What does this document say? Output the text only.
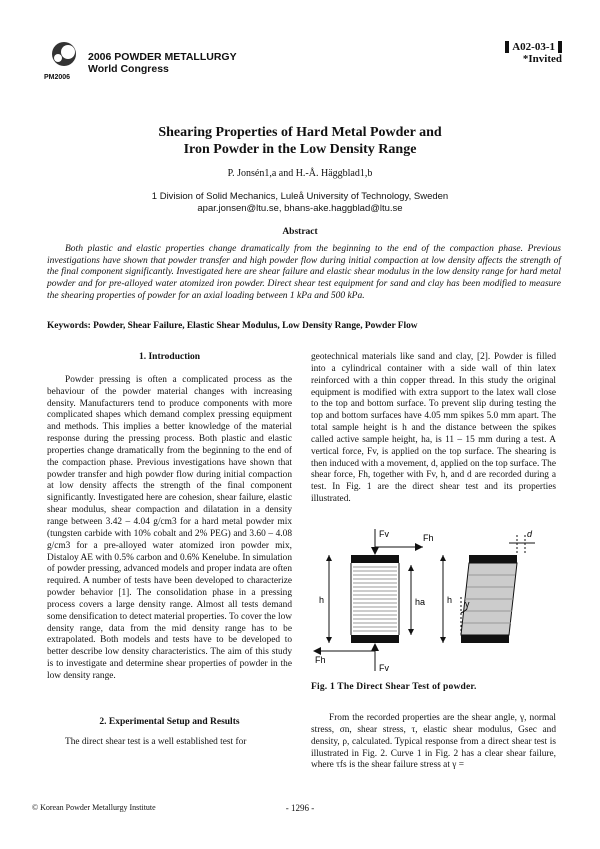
PM2006
2006 POWDER METALLURGY
World Congress
A02-03-1
*Invited
Shearing Properties of Hard Metal Powder and
Iron Powder in the Low Density Range
P. Jonsén1,a and H.-Å. Häggblad1,b
1 Division of Solid Mechanics, Luleå University of Technology, Sweden
apar.jonsen@ltu.se, bhans-ake.haggblad@ltu.se
Abstract
Both plastic and elastic properties change dramatically from the beginning to the end of the compaction phase. Previous investigations have shown that powder transfer and high powder flow during initial compaction at low density affects the strength of the final component significantly. Investigated here are shear failure and elastic shear modulus in the low density range for hard metal powder and for pre-alloyed water atomized iron powder. Direct shear test equipment for sand and clay has been modified to measure the shearing properties of powder for an axial loading between 1 kPa and 500 kPa.
Keywords: Powder, Shear Failure, Elastic Shear Modulus, Low Density Range, Powder Flow
1. Introduction

Powder pressing is often a complicated process as the behaviour of the powder material changes with increasing density. Manufacturers tend to produce components with more complicated shapes which demand complex pressing equipment and methods. This implies a better knowledge of the material response during the pressing process. Both plastic and elastic properties change dramatically from the beginning to the end of the compaction phase. Previous investigations have shown that powder transfer and high powder flow during initial compaction at low density affects the strength of the final component significantly. Investigated here are cohesion, shear failure, elastic shear modulus, shear compaction and dilatation in a density range between 3.42 – 4.04 g/cm3 for a hard metal powder mix (tungsten carbide with 10% cobalt and 2% PEG) and 3.60 – 4.08 g/cm3 for a pre-alloyed water atomized iron powder mix, Distaloy AE with 0.5% carbon and 0.6% Kenelube. In simulation of powder pressing, advanced models and proper indata are often required. A number of tests have been developed to characterize powder behavior [1]. The consolidation phase in a pressing process covers a large density range. Almost all tests demand some densification to detect material properties. To cover the low density range, data from the mid density range has to be extrapolated. Both models and tests have to be developed to better describe low density characteristics. The aim of this study is to investigate and determine shear properties of powder in the low density range.

2. Experimental Setup and Results

The direct shear test is a well established test for

geotechnical materials like sand and clay, [2]. Powder is filled into a cylindrical container with a side wall of thin latex reinforced with a thin copper thread. In this study the original equipment is modified with extra support to the latex wall close to the top and bottom surface. To prevent slip during testing the top and bottom surfaces have 4.05 mm spikes 5.0 mm apart. The total sample height is h and the distance between the spikes called active sample height, ha, is 11 – 15 mm during a test. A vertical force, Fv, is applied on the top surface. The shearing is then induced with a movement, d, applied on the top surface. The shear force, Fh, together with Fv, h, and d are recorded during a test. In Fig. 1 are the direct shear test and its properties illustrated.

Fv	Fh
h	ha
Fh
Fv
h γ
d
Fig. 1 The Direct Shear Test of powder.

From the recorded properties are the shear angle, γ, normal stress, σn, shear stress, τ, elastic shear modulus, Gsec and density, ρ, calculated. Typical response from a direct shear test is illustrated in Fig. 2. Curve 1 in Fig. 2 has a clear shear failure, where τfs is the shear failure stress at γ =

© Korean Powder Metallurgy Institute	- 1296 -
